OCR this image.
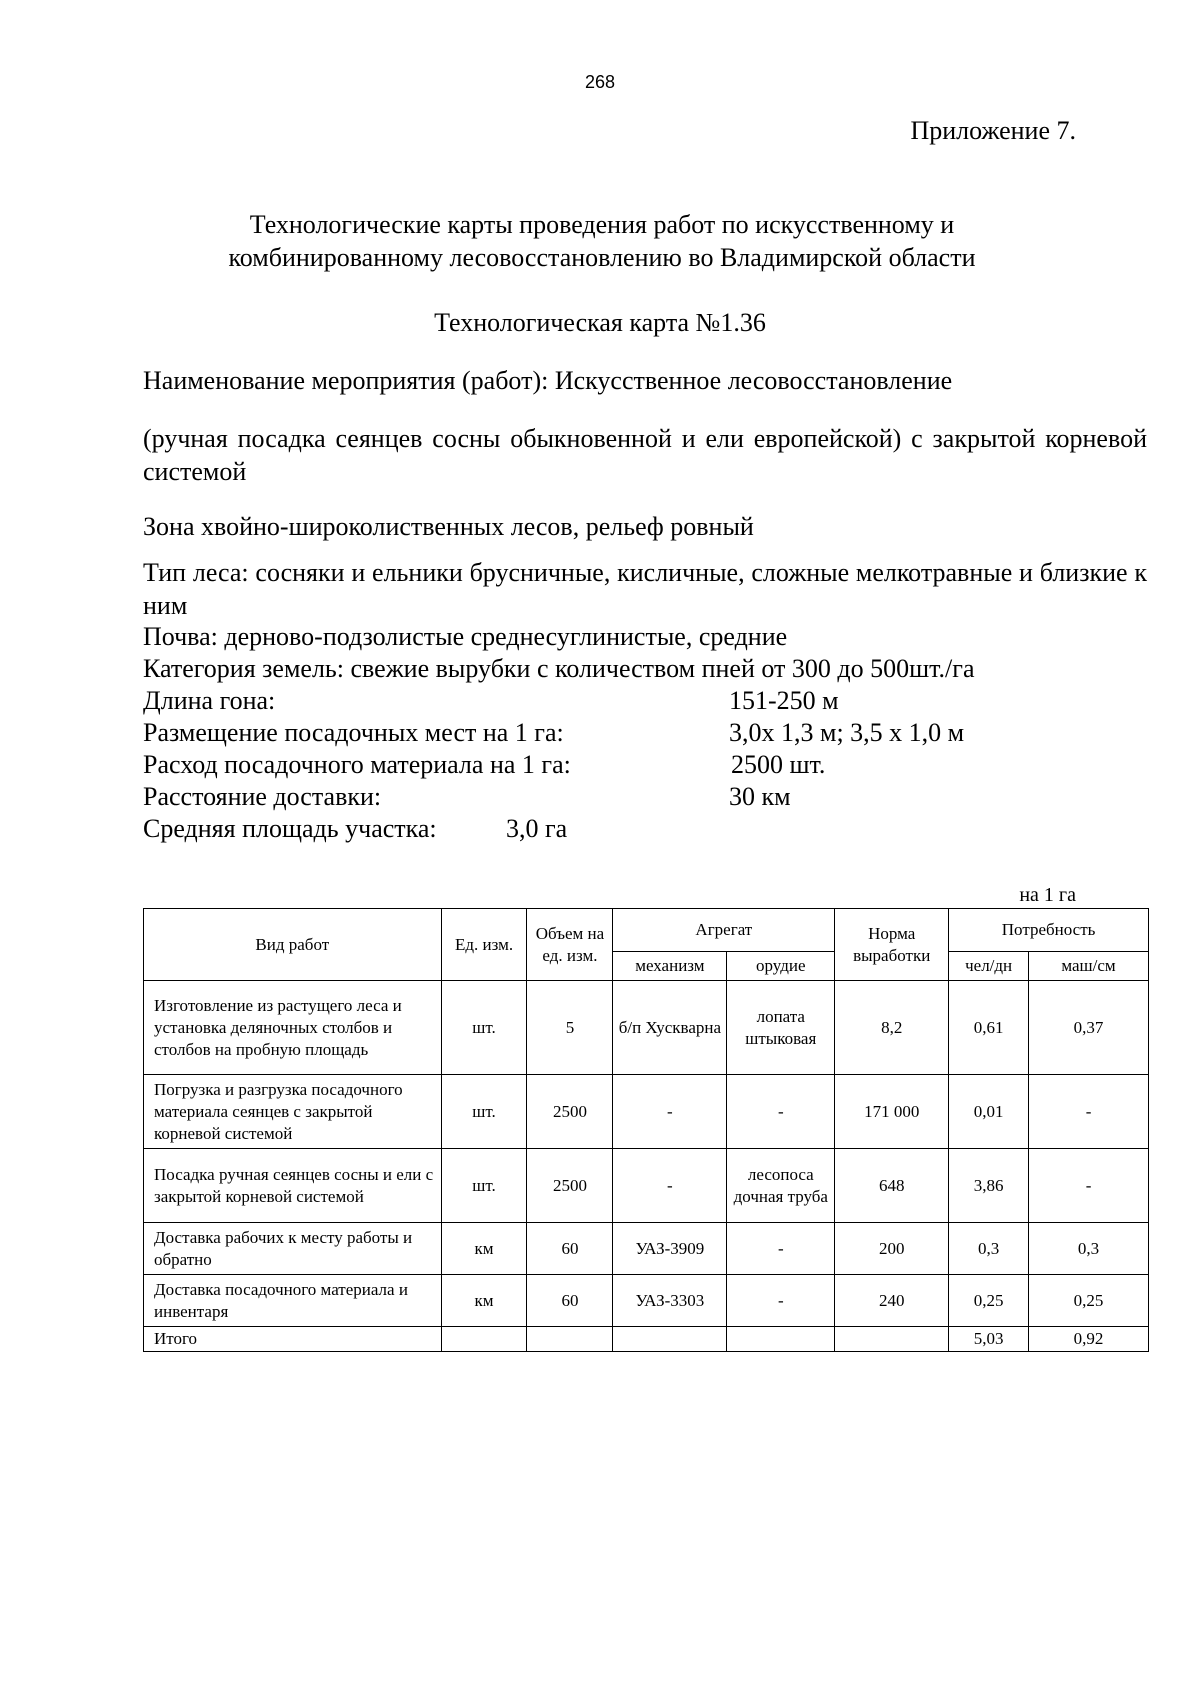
268
Приложение 7.
Технологические карты проведения работ по искусственному и
комбинированному лесовосстановлению во Владимирской области
Технологическая карта №1.36
Наименование мероприятия (работ): Искусственное лесовосстановление
(ручная посадка сеянцев сосны обыкновенной и ели европейской) с закрытой корневой системой
Зона хвойно-широколиственных лесов, рельеф ровный
Тип леса: сосняки и ельники брусничные, кисличные, сложные мелкотравные и близкие к ним
Почва: дерново-подзолистые среднесуглинистые, средние
Категория земель: свежие вырубки с количеством пней от 300 до 500шт./га
Длина гона:	151-250 м
Размещение посадочных мест на 1 га:	3,0х 1,3 м; 3,5 х 1,0 м
Расход посадочного материала на 1 га:	2500 шт.
Расстояние доставки:	30 км
Средняя площадь участка:	3,0 га
на 1 га
Вид работ	Ед. изм.	Объем на ед. изм.	Агрегат		Норма выработки	Потребность	
			механизм	орудие		чел/дн	маш/см
Изготовление из растущего леса и установка деляночных столбов и столбов на пробную площадь	шт.	5	б/п Хускварна	лопата штыковая	8,2	0,61	0,37
Погрузка и разгрузка посадочного материала сеянцев с закрытой корневой системой	шт.	2500	-	-	171 000	0,01	-
Посадка ручная сеянцев сосны и ели с закрытой корневой системой	шт.	2500	-	лесопоса дочная труба	648	3,86	-
Доставка рабочих к месту работы и обратно	км	60	УАЗ-3909	-	200	0,3	0,3
Доставка посадочного материала и инвентаря	км	60	УАЗ-3303	-	240	0,25	0,25
Итого						5,03	0,92
